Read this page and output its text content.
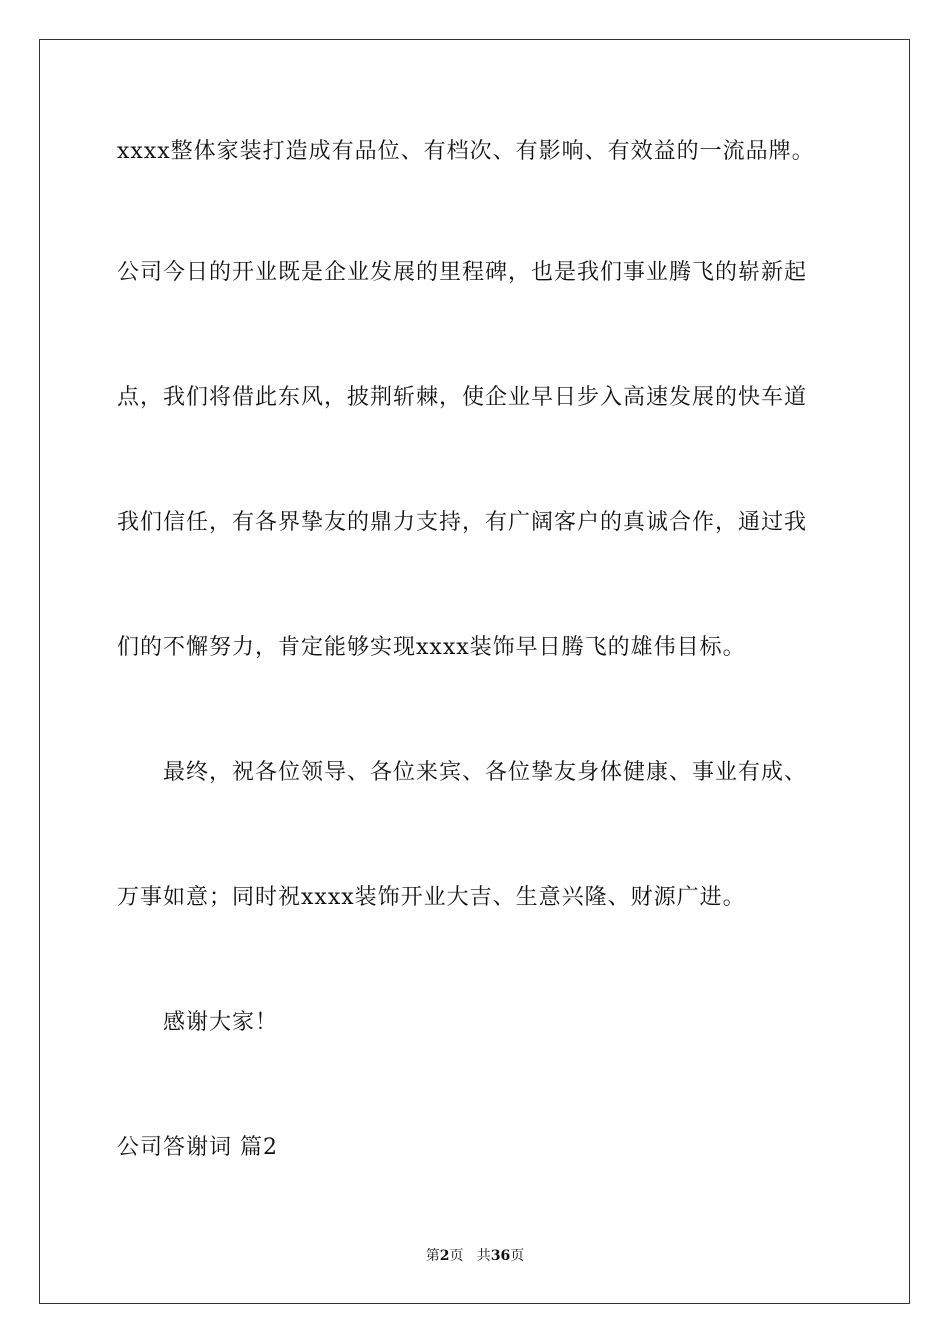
xxxx整体家装打造成有品位、有档次、有影响、有效益的一流品牌。
公司今日的开业既是企业发展的里程碑，也是我们事业腾飞的崭新起
点，我们将借此东风，披荆斩棘，使企业早日步入高速发展的快车道
我们信任，有各界挚友的鼎力支持，有广阔客户的真诚合作，通过我
们的不懈努力，肯定能够实现xxxx装饰早日腾飞的雄伟目标。
最终，祝各位领导、各位来宾、各位挚友身体健康、事业有成、
万事如意；同时祝xxxx装饰开业大吉、生意兴隆、财源广进。
感谢大家！
公司答谢词 篇2
第2页   共36页
